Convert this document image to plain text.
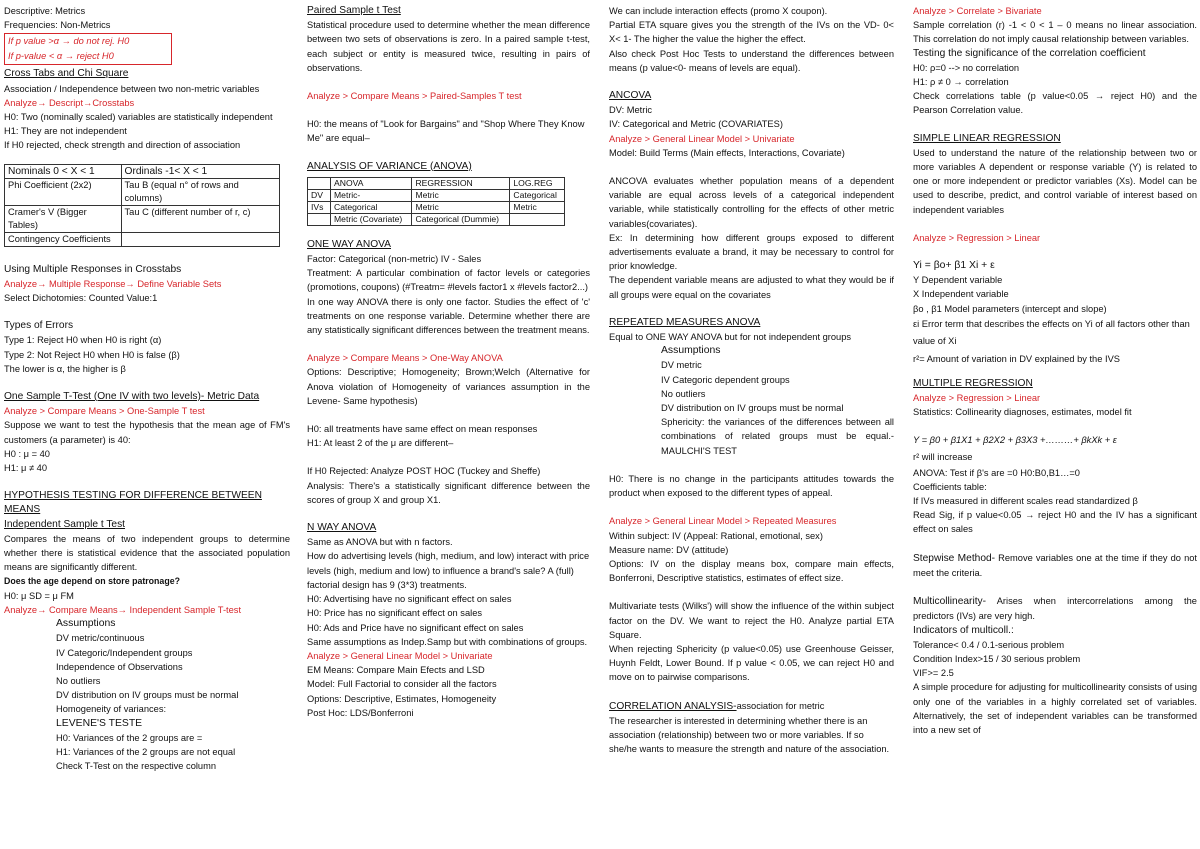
Descriptive: Metrics

Frequencies: Non-Metrics

If p value >α → do not rej. H0

If p-value < α → reject H0

Cross Tabs and Chi Square

Association / Independence between two non-metric variables

Analyze→ Descript→Crosstabs

H0: Two (nominally scaled) variables are statistically independent

H1: They are not independent

If H0 rejected, check strength and direction of association

Nominals 0 < X < 1	Ordinals -1< X < 1
Phi Coefficient (2x2)	Tau B (equal n° of rows and columns)
Cramer's V (Bigger Tables)	Tau C (different number of r, c)
Contingency Coefficients	

Using Multiple Responses in Crosstabs

Analyze→ Multiple Response→ Define Variable Sets

Select Dichotomies: Counted Value:1

Types of Errors

Type 1: Reject H0 when H0 is right (α)

Type 2: Not Reject H0 when H0 is false (β)

The lower is α, the higher is β

One Sample T-Test (One IV with two levels)- Metric Data

Analyze > Compare Means > One-Sample T test

Suppose we want to test the hypothesis that the mean age of FM's customers (a parameter) is 40:

H0 : μ = 40

H1: μ ≠ 40

HYPOTHESIS TESTING FOR DIFFERENCE BETWEEN MEANS

Independent Sample t Test

Compares the means of two independent groups to determine whether there is statistical evidence that the associated population means are significantly different.

Does the age depend on store patronage?

H0: μ SD = μ FM

Analyze→ Compare Means→ Independent Sample T-test

Assumptions

DV metric/continuous

IV Categoric/Independent groups

Independence of Observations

No outliers

DV distribution on IV groups must be normal

Homogeneity of variances:

LEVENE'S TESTE

H0: Variances of the 2 groups are =

H1: Variances of the 2 groups are not equal

Check T-Test on the respective column

Paired Sample t Test

Statistical procedure used to determine whether the mean difference between two sets of observations is zero. In a paired sample t-test, each subject or entity is measured twice, resulting in pairs of observations.

Analyze > Compare Means > Paired-Samples T test

H0: the means of "Look for Bargains" and "Shop Where They Know Me" are equal–

ANALYSIS OF VARIANCE (ANOVA)

	ANOVA	REGRESSION	LOG.REG
DV	Metric-	Metric	Categorical
IVs	Categorical	Metric	Metric
	Metric (Covariate)	Categorical (Dummie)	

ONE WAY ANOVA

Factor: Categorical (non-metric) IV - Sales

Treatment: A particular combination of factor levels or categories (promotions, coupons) (#Treatm= #levels factor1 x #levels factor2...)

In one way ANOVA there is only one factor. Studies the effect of 'c' treatments on one response variable. Determine whether there are any statistically significant differences between the treatment means.

Analyze > Compare Means > One-Way ANOVA

Options: Descriptive; Homogeneity; Brown;Welch (Alternative for Anova violation of Homogeneity of variances assumption in the Levene- Same hypothesis)

H0: all treatments have same effect on mean responses

H1: At least 2 of the μ are different–

If H0 Rejected: Analyze POST HOC (Tuckey and Sheffe)

Analysis: There's a statistically significant difference between the scores of group X and group X1.

N WAY ANOVA

Same as ANOVA but with n factors.

How do advertising levels (high, medium, and low) interact with price levels (high, medium and low) to influence a brand's sale? A (full) factorial design has 9 (3*3) treatments.

H0: Advertising have no significant effect on sales

H0: Price has no significant effect on sales

H0: Ads and Price have no significant effect on sales

Same assumptions as Indep.Samp but with combinations of groups.

Analyze > General Linear Model > Univariate

EM Means: Compare Main Efects and LSD

Model: Full Factorial to consider all the factors

Options: Descriptive, Estimates, Homogeneity

Post Hoc: LDS/Bonferroni

We can include interaction effects (promo X coupon).

Partial ETA square gives you the strength of the IVs on the VD- 0< X< 1- The higher the value the higher the effect.

Also check Post Hoc Tests to understand the differences between means (p value<0- means of levels are equal).

ANCOVA

DV: Metric

IV: Categorical and Metric (COVARIATES)

Analyze > General Linear Model > Univariate

Model: Build Terms (Main effects, Interactions, Covariate)

ANCOVA evaluates whether population means of a dependent variable are equal across levels of a categorical independent variable, while statistically controlling for the effects of other metric variables(covariates).

Ex: In determining how different groups exposed to different advertisements evaluate a brand, it may be necessary to control for prior knowledge.

The dependent variable means are adjusted to what they would be if all groups were equal on the covariates

REPEATED MEASURES ANOVA

Equal to ONE WAY ANOVA but for not independent groups

Assumptions

DV metric

IV Categoric dependent groups

No outliers

DV distribution on IV groups must be normal

Sphericity: the variances of the differences between all combinations of related groups must be equal.- MAULCHI'S TEST

H0: There is no change in the participants attitudes towards the product when exposed to the different types of appeal.

Analyze > General Linear Model > Repeated Measures

Within subject: IV (Appeal: Rational, emotional, sex)

Measure name: DV (attitude)

Options: IV on the display means box, compare main effects, Bonferroni, Descriptive statistics, estimates of effect size.

Multivariate tests (Wilks') will show the influence of the within subject factor on the DV. We want to reject the H0. Analyze partial ETA Square.

When rejecting Sphericity (p value<0.05) use Greenhouse Geisser, Huynh Feldt, Lower Bound. If p value < 0.05, we can reject H0 and move on to pairwise comparisons.

CORRELATION ANALYSIS-association for metric

The researcher is interested in determining whether there is an association (relationship) between two or more variables. If so she/he wants to measure the strength and nature of the association.

Analyze > Correlate > Bivariate

Sample correlation (r) -1 < 0 < 1 – 0 means no linear association. This correlation do not imply causal relationship between variables.

Testing the significance of the correlation coefficient

H0: ρ=0 --> no correlation

H1: ρ ≠ 0 → correlation

Check correlations table (p value<0.05 → reject H0) and the Pearson Correlation value.

SIMPLE LINEAR REGRESSION

Used to understand the nature of the relationship between two or more variables A dependent or response variable (Y) is related to one or more independent or predictor variables (Xs). Model can be used to describe, predict, and control variable of interest based on independent variables

Analyze > Regression > Linear

Yi = βo+ β1 Xi + ε

Y Dependent variable

X Independent variable

βo , β1 Model parameters (intercept and slope)

εi Error term that describes the effects on Yi of all factors other than value of Xi

r²= Amount of variation in DV explained by the IVS

MULTIPLE REGRESSION

Analyze > Regression > Linear

Statistics: Collinearity diagnoses, estimates, model fit

Y = β0 + β1X1 + β2X2 + β3X3 +………+ βkXk + ε

r² will increase

ANOVA: Test if β's are =0 H0:B0,B1…=0

Coefficients table:

If IVs measured in different scales read standardized β

Read Sig, if p value<0.05 → reject H0 and the IV has a significant effect on sales

Stepwise Method- Remove variables one at the time if they do not meet the criteria.

Multicollinearity- Arises when intercorrelations among the predictors (IVs) are very high.

Indicators of multicoll.:

Tolerance< 0.4 / 0.1-serious problem

Condition Index>15 / 30 serious problem

VIF>= 2.5

A simple procedure for adjusting for multicollinearity consists of using only one of the variables in a highly correlated set of variables. Alternatively, the set of independent variables can be transformed into a new set of
